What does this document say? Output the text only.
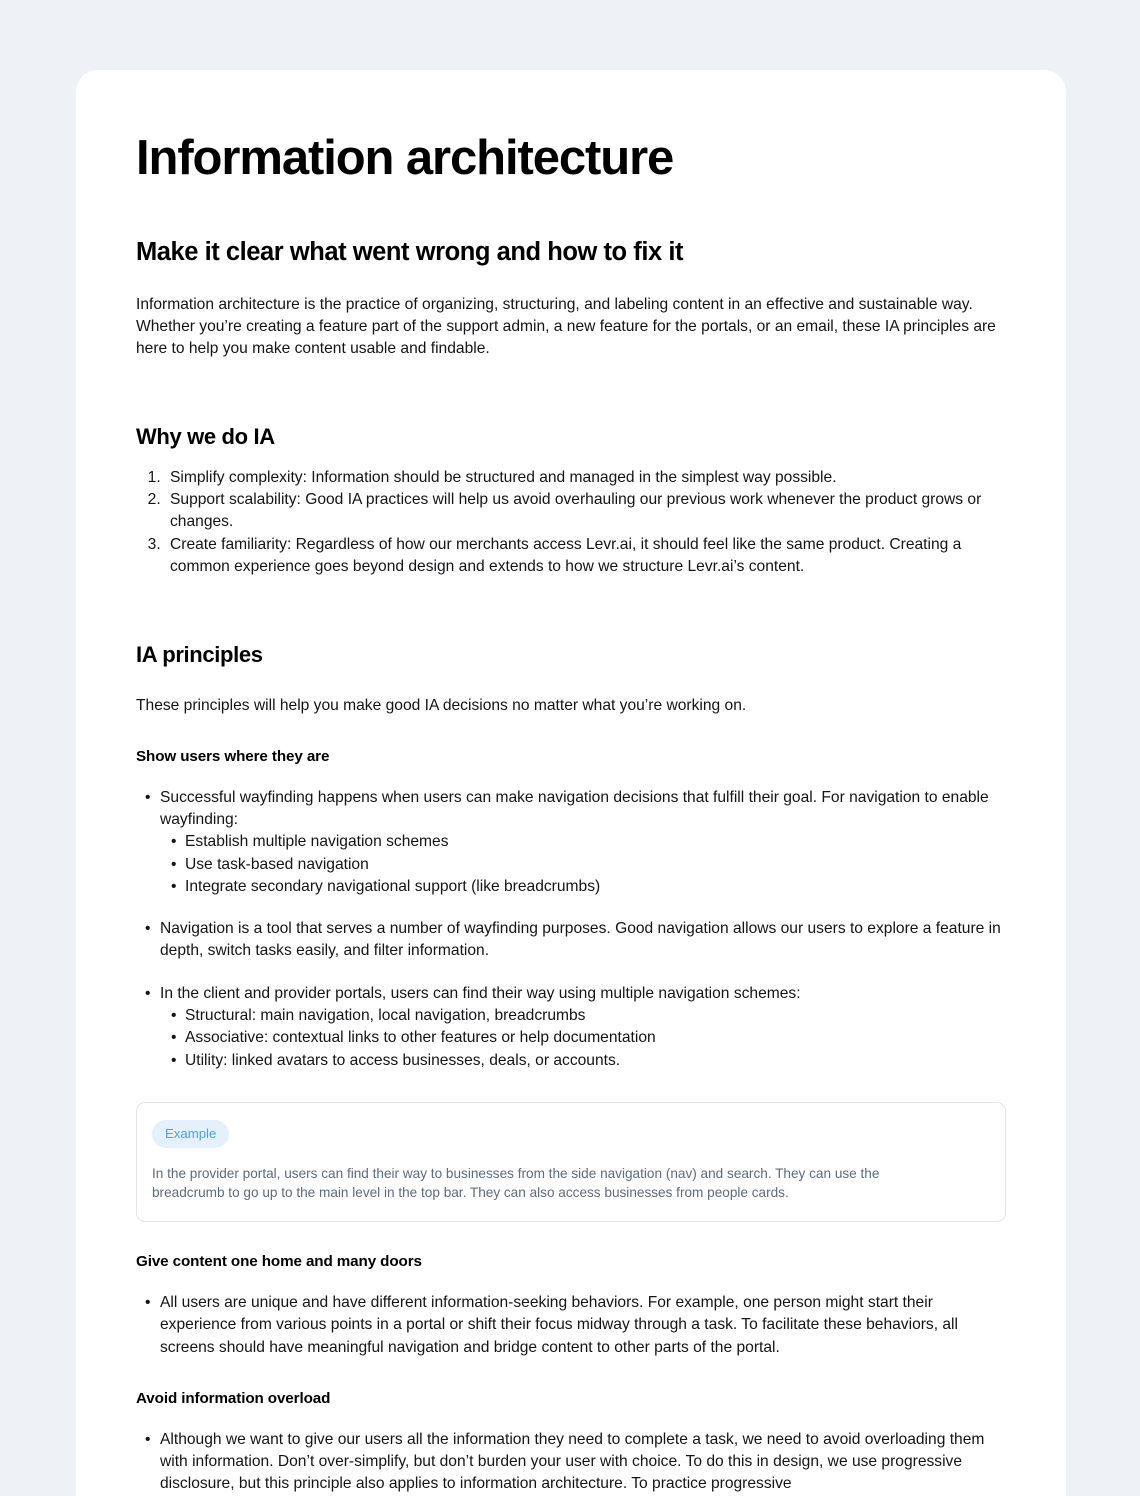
Information architecture
Make it clear what went wrong and how to fix it

Information architecture is the practice of organizing, structuring, and labeling content in an effective and sustainable way. Whether you’re creating a feature part of the support admin, a new feature for the portals, or an email, these IA principles are here to help you make content usable and findable.

Why we do IA
1. Simplify complexity: Information should be structured and managed in the simplest way possible.
2. Support scalability: Good IA practices will help us avoid overhauling our previous work whenever the product grows or changes.
3. Create familiarity: Regardless of how our merchants access Levr.ai, it should feel like the same product. Creating a common experience goes beyond design and extends to how we structure Levr.ai’s content.
IA principles

These principles will help you make good IA decisions no matter what you’re working on.

Show users where they are
• Successful wayfinding happens when users can make navigation decisions that fulfill their goal. For navigation to enable wayfinding:
• Establish multiple navigation schemes
• Use task-based navigation
• Integrate secondary navigational support (like breadcrumbs)
• Navigation is a tool that serves a number of wayfinding purposes. Good navigation allows our users to explore a feature in depth, switch tasks easily, and filter information.
• In the client and provider portals, users can find their way using multiple navigation schemes:
• Structural: main navigation, local navigation, breadcrumbs
• Associative: contextual links to other features or help documentation
• Utility: linked avatars to access businesses, deals, or accounts.
Example

In the provider portal, users can find their way to businesses from the side navigation (nav) and search. They can use the breadcrumb to go up to the main level in the top bar. They can also access businesses from people cards.

Give content one home and many doors
• All users are unique and have different information-seeking behaviors. For example, one person might start their experience from various points in a portal or shift their focus midway through a task. To facilitate these behaviors, all screens should have meaningful navigation and bridge content to other parts of the portal.
Avoid information overload
• Although we want to give our users all the information they need to complete a task, we need to avoid overloading them with information. Don’t over-simplify, but don’t burden your user with choice. To do this in design, we use progressive disclosure, but this principle also applies to information architecture. To practice progressive
